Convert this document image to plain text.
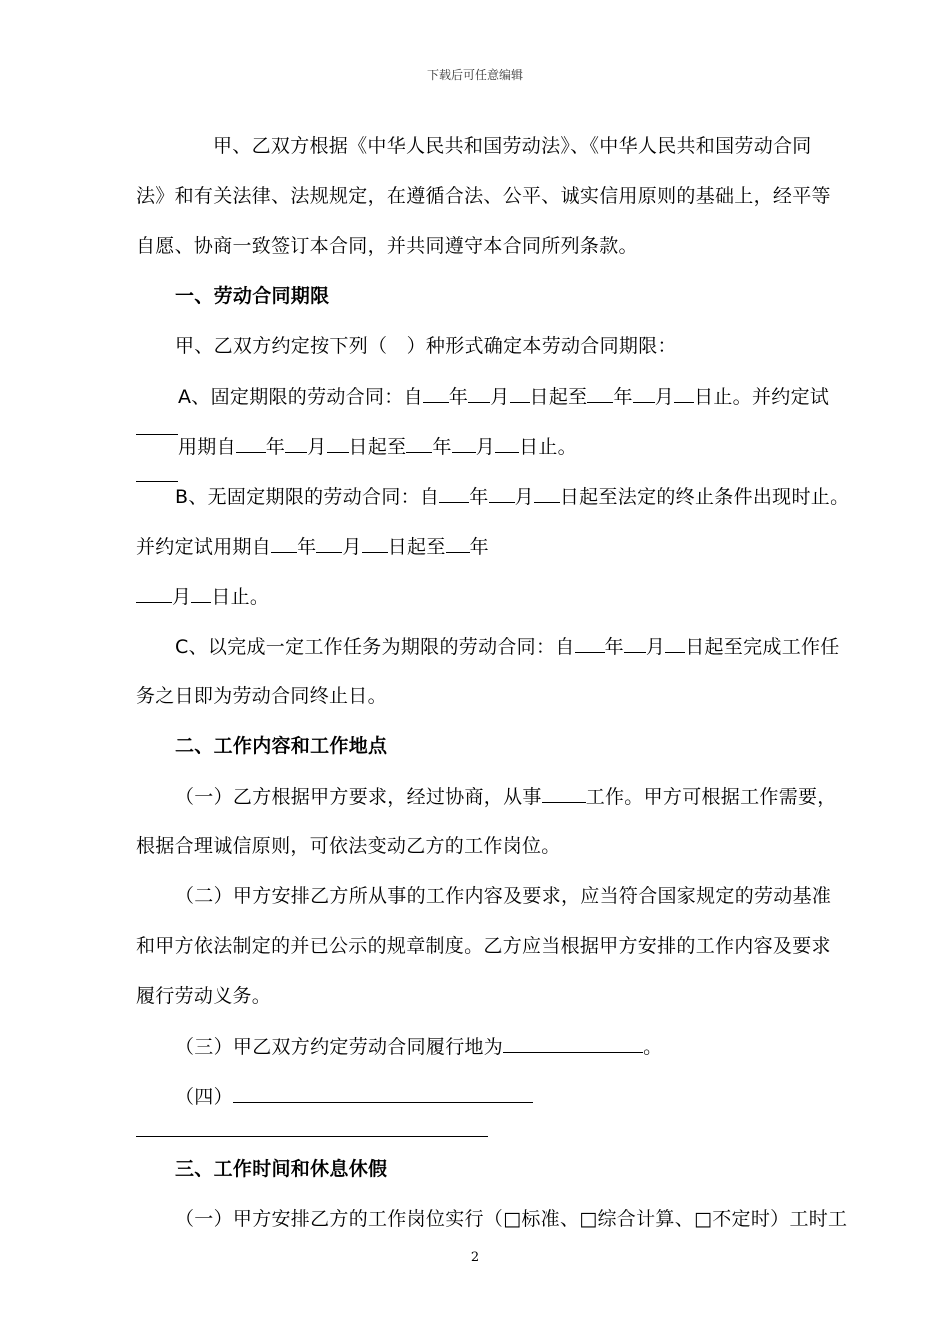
下载后可任意编辑
甲、乙双方根据《中华人民共和国劳动法》、《中华人民共和国劳动合同
法》和有关法律、法规规定，在遵循合法、公平、诚实信用原则的基础上，经平等
自愿、协商一致签订本合同，并共同遵守本合同所列条款。
一、劳动合同期限
甲、乙双方约定按下列（　）种形式确定本劳动合同期限：
A、固定期限的劳动合同：自 年 月 日起至 年 月 日止。并约定试
用期自 年 月 日起至 年 月 日止。
B、无固定期限的劳动合同：自 年 月 日起至法定的终止条件出现时止。
并约定试用期自 年 月 日起至 年
月 日止。
C、以完成一定工作任务为期限的劳动合同：自 年 月 日起至完成工作任
务之日即为劳动合同终止日。
二、工作内容和工作地点
（一）乙方根据甲方要求，经过协商，从事 工作。甲方可根据工作需要，
根据合理诚信原则，可依法变动乙方的工作岗位。
（二）甲方安排乙方所从事的工作内容及要求，应当符合国家规定的劳动基准
和甲方依法制定的并已公示的规章制度。乙方应当根据甲方安排的工作内容及要求
履行劳动义务。
（三）甲乙双方约定劳动合同履行地为	。
（四）
三、工作时间和休息休假
（一）甲方安排乙方的工作岗位实行（□标准、□综合计算、□不定时）工时工
2
